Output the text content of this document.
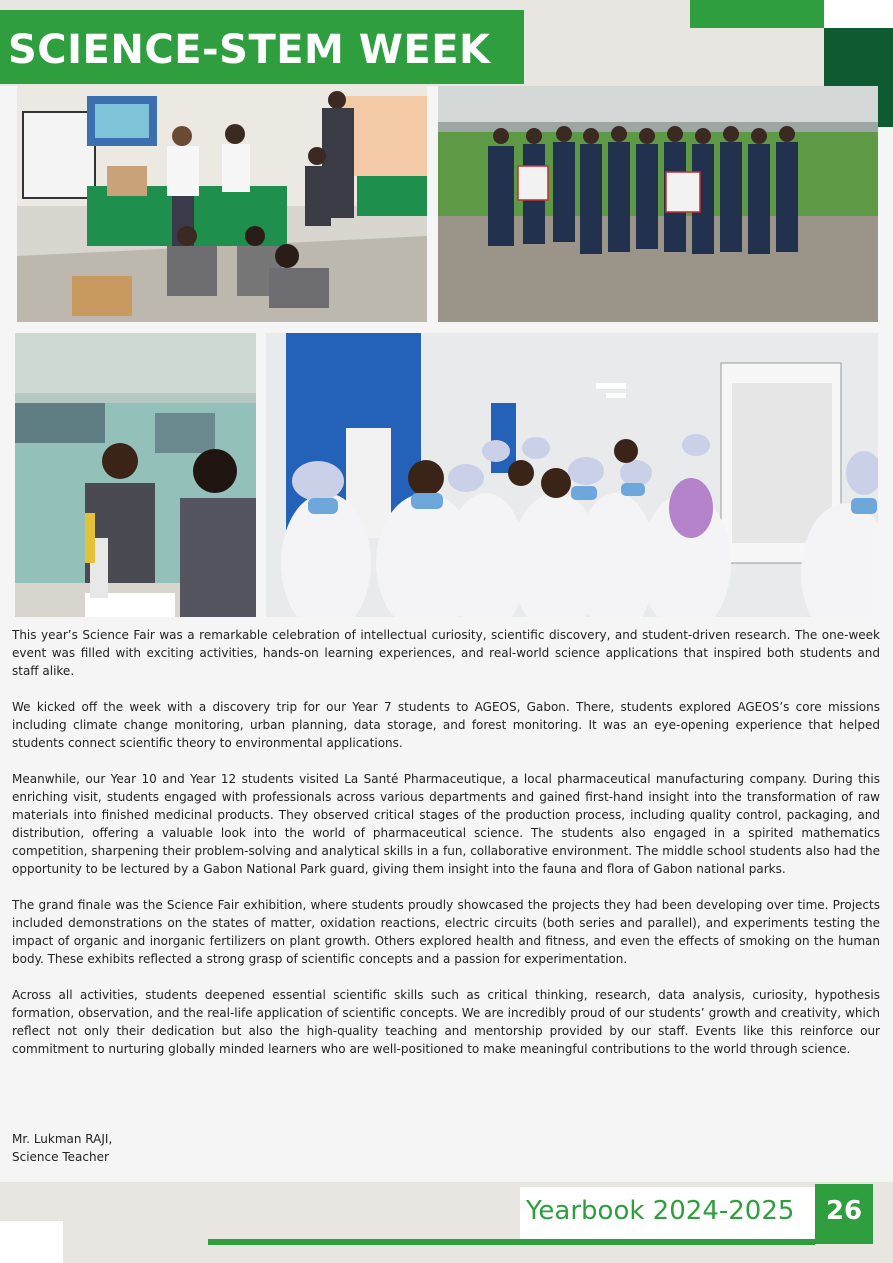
SCIENCE-STEM WEEK

This year’s Science Fair was a remarkable celebration of intellectual curiosity, scientific discovery, and student-driven research. The one-week event was filled with exciting activities, hands-on learning experiences, and real-world science applications that inspired both students and staff alike.

We kicked off the week with a discovery trip for our Year 7 students to AGEOS, Gabon. There, students explored AGEOS’s core missions including climate change monitoring, urban planning, data storage, and forest monitoring. It was an eye-opening experience that helped students connect scientific theory to environmental applications.

Meanwhile, our Year 10 and Year 12 students visited La Santé Pharmaceutique, a local pharmaceutical manufacturing company. During this enriching visit, students engaged with professionals across various departments and gained first-hand insight into the transformation of raw materials into finished medicinal products. They observed critical stages of the production process, including quality control, packaging, and distribution, offering a valuable look into the world of pharmaceutical science. The students also engaged in a spirited mathematics competition, sharpening their problem-solving and analytical skills in a fun, collaborative environment. The middle school students also had the opportunity to be lectured by a Gabon National Park guard, giving them insight into the fauna and flora of Gabon national parks.

The grand finale was the Science Fair exhibition, where students proudly showcased the projects they had been developing over time. Projects included demonstrations on the states of matter, oxidation reactions, electric circuits (both series and parallel), and experiments testing the impact of organic and inorganic fertilizers on plant growth. Others explored health and fitness, and even the effects of smoking on the human body. These exhibits reflected a strong grasp of scientific concepts and a passion for experimentation.

Across all activities, students deepened essential scientific skills such as critical thinking, research, data analysis, curiosity, hypothesis formation, observation, and the real-life application of scientific concepts. We are incredibly proud of our students’ growth and creativity, which reflect not only their dedication but also the high-quality teaching and mentorship provided by our staff. Events like this reinforce our commitment to nurturing globally minded learners who are well-positioned to make meaningful contributions to the world through science.

Mr. Lukman RAJI,
Science Teacher
Yearbook 2024-2025	26
